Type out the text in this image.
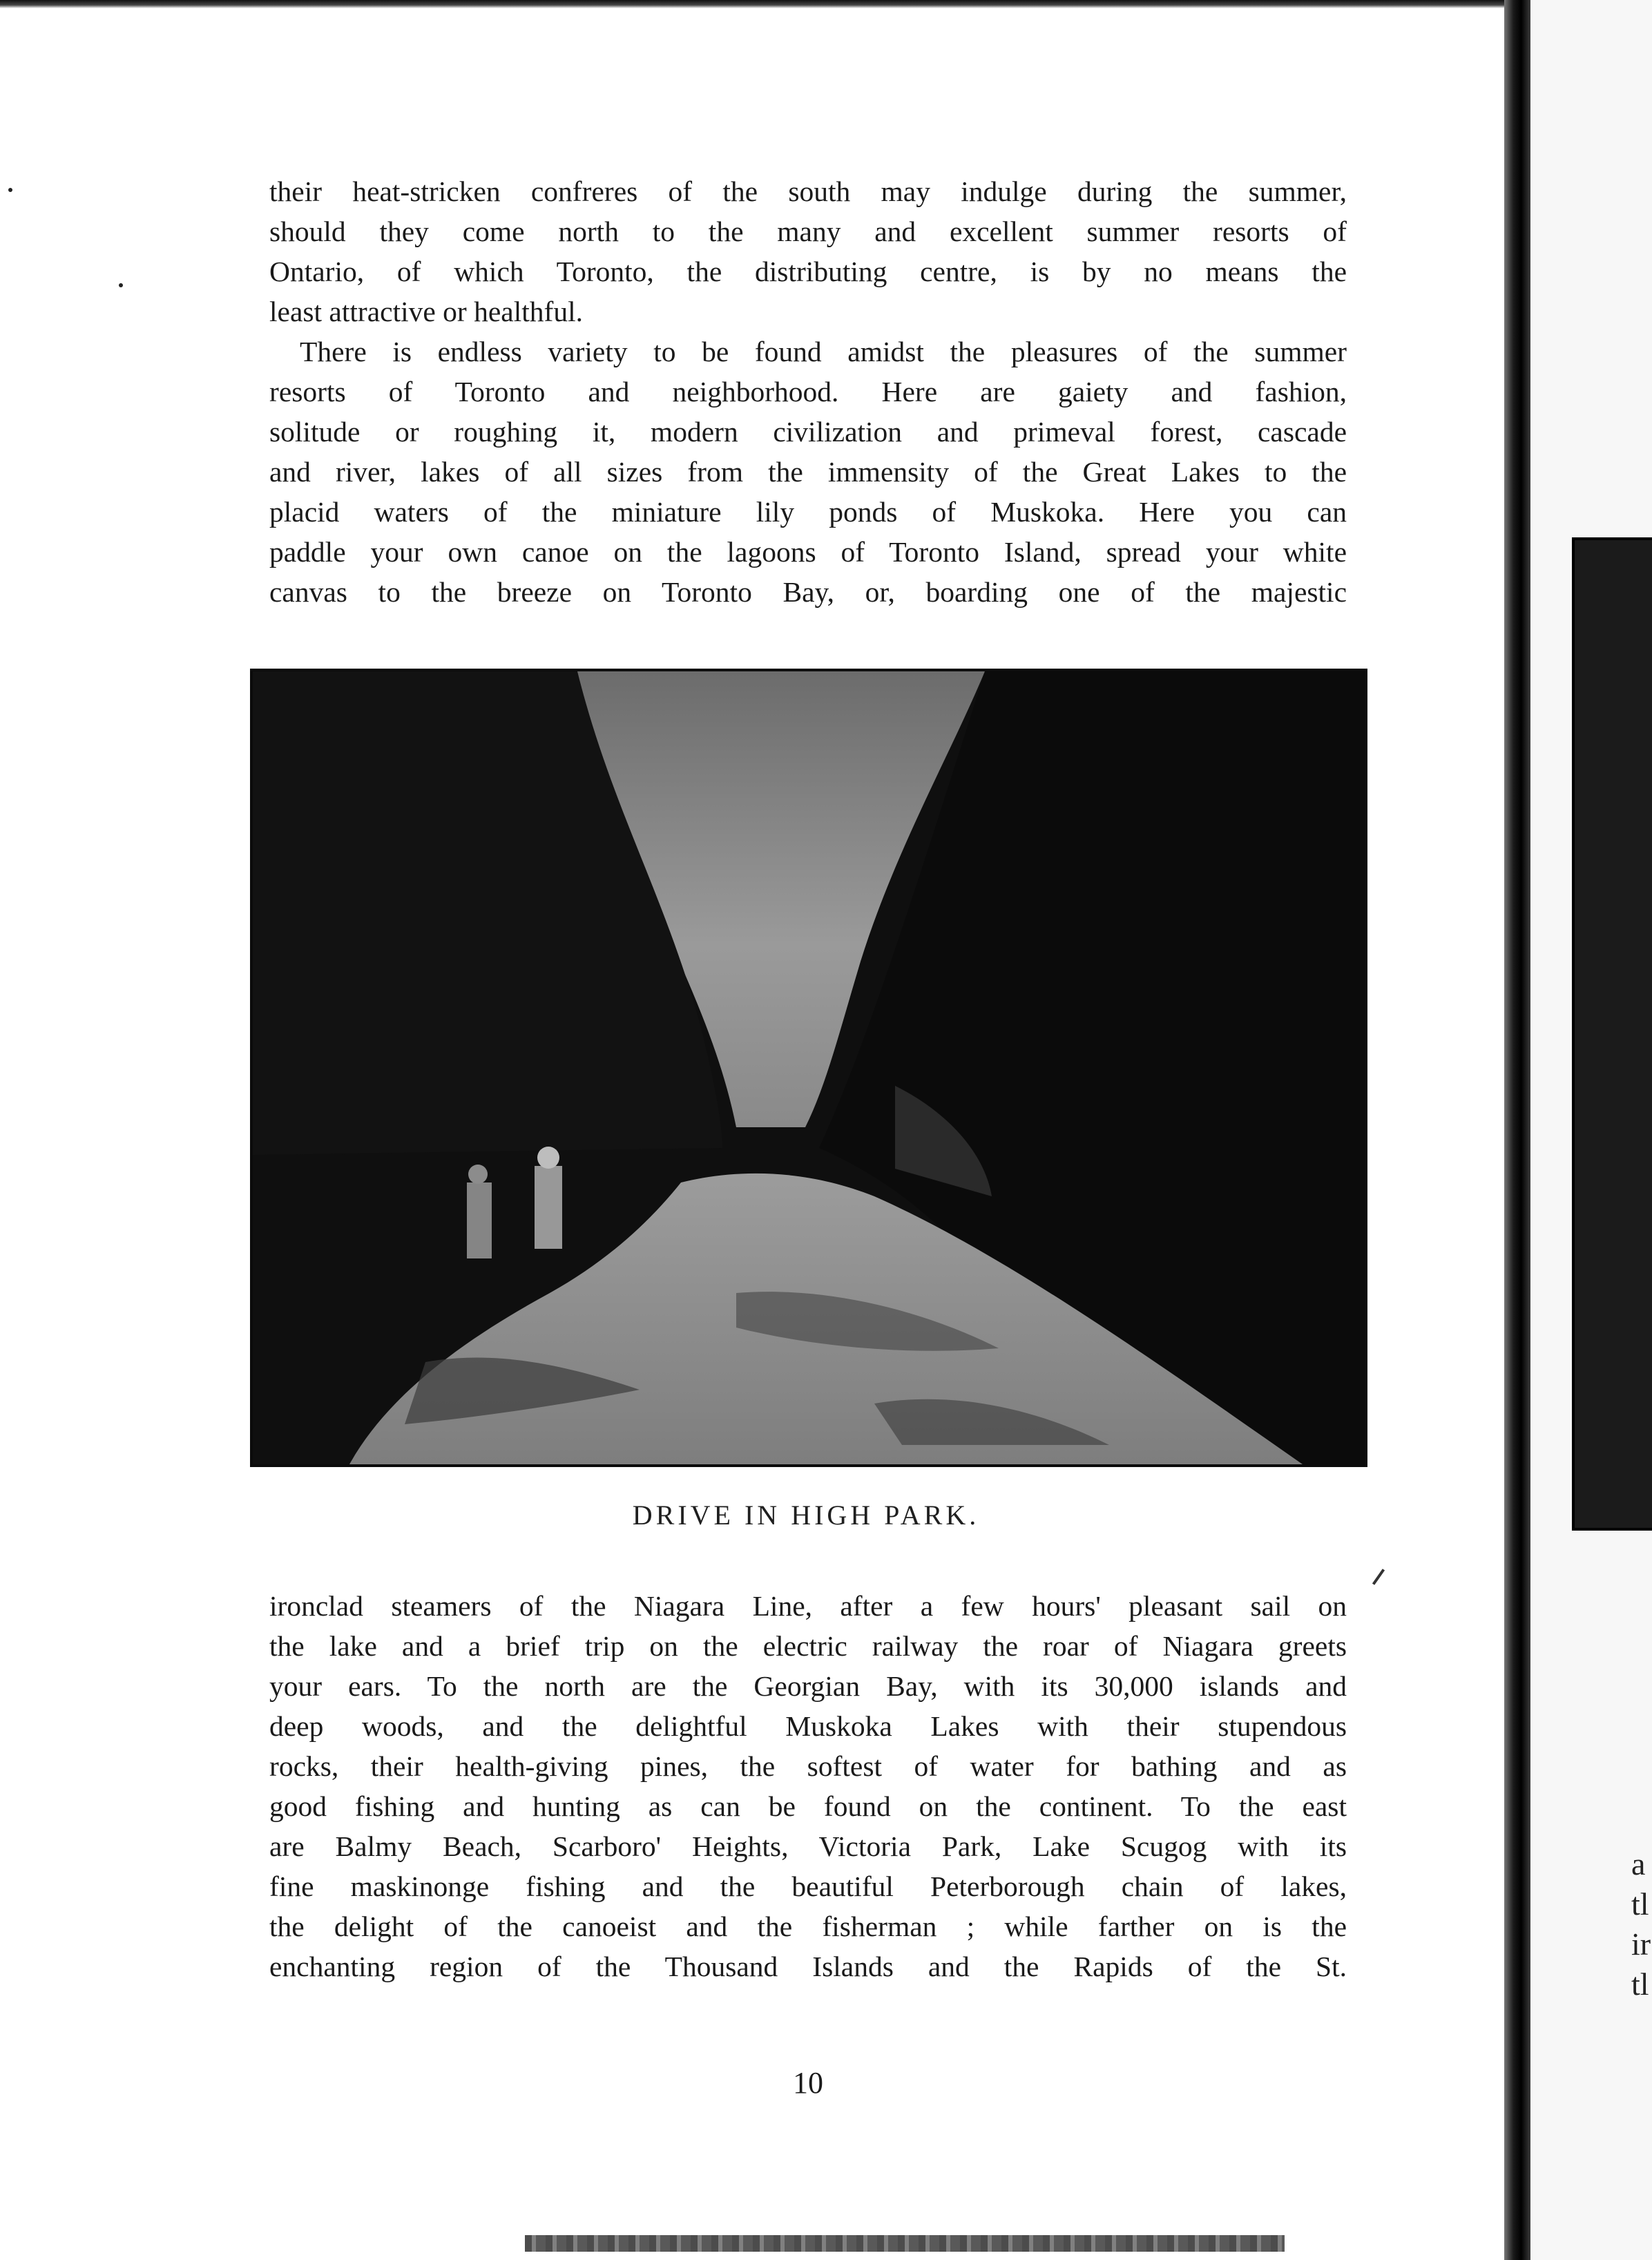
their heat-stricken confreres of the south may indulge during the summer,
should they come north to the many and excellent summer resorts of
Ontario, of which Toronto, the distributing centre, is by no means the
least attractive or healthful.
There is endless variety to be found amidst the pleasures of the summer
resorts of Toronto and neighborhood. Here are gaiety and fashion,
solitude or roughing it, modern civilization and primeval forest, cascade
and river, lakes of all sizes from the immensity of the Great Lakes to the
placid waters of the miniature lily ponds of Muskoka. Here you can
paddle your own canoe on the lagoons of Toronto Island, spread your white
canvas to the breeze on Toronto Bay, or, boarding one of the majestic
DRIVE IN HIGH PARK.
ironclad steamers of the Niagara Line, after a few hours' pleasant sail on
the lake and a brief trip on the electric railway the roar of Niagara greets
your ears. To the north are the Georgian Bay, with its 30,000 islands and
deep woods, and the delightful Muskoka Lakes with their stupendous
rocks, their health-giving pines, the softest of water for bathing and as
good fishing and hunting as can be found on the continent. To the east
are Balmy Beach, Scarboro' Heights, Victoria Park, Lake Scugog with its
fine maskinonge fishing and the beautiful Peterborough chain of lakes,
the delight of the canoeist and the fisherman ; while farther on is the
enchanting region of the Thousand Islands and the Rapids of the St.
10
a
tl
ir
tl
